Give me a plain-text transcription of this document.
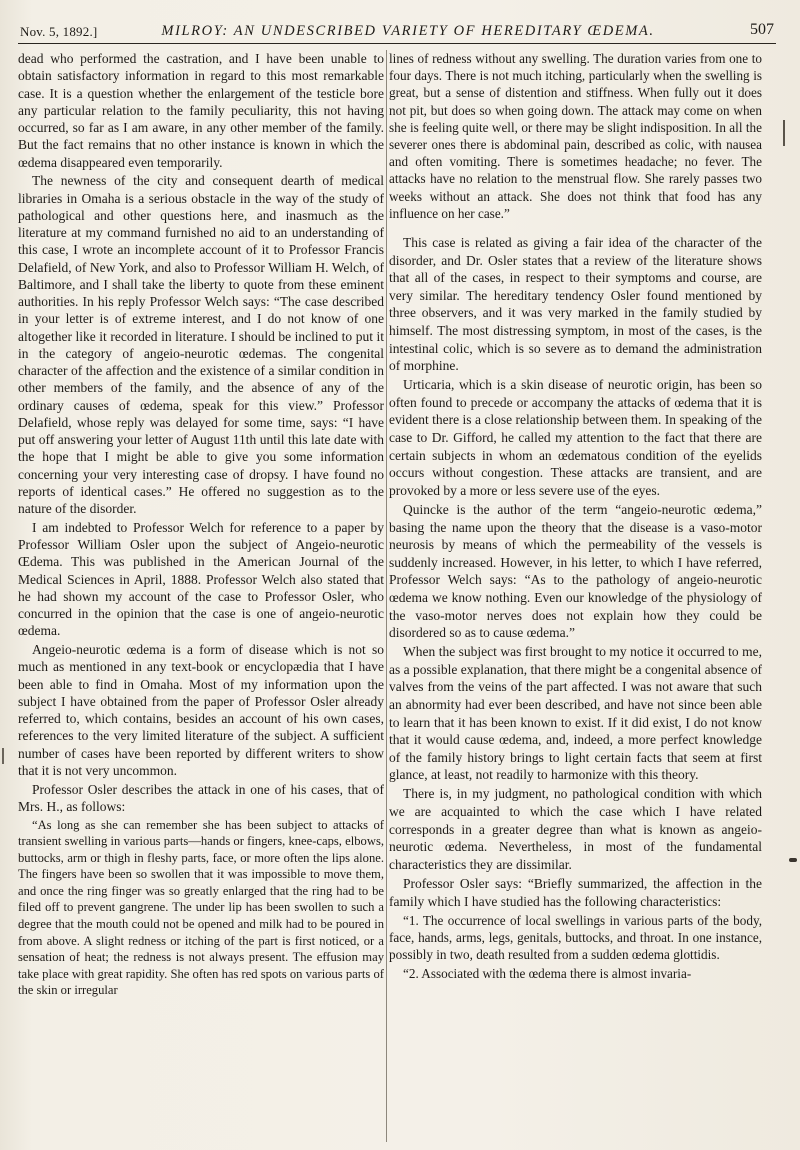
Nov. 5, 1892.]	MILROY: AN UNDESCRIBED VARIETY OF HEREDITARY ŒDEMA.	507

dead who performed the castration, and I have been unable to obtain satisfactory information in regard to this most remarkable case. It is a question whether the enlargement of the testicle bore any particular relation to the family peculiarity, this not having occurred, so far as I am aware, in any other member of the family. But the fact remains that no other instance is known in which the œdema disappeared even temporarily.

The newness of the city and consequent dearth of medical libraries in Omaha is a serious obstacle in the way of the study of pathological and other questions here, and inasmuch as the literature at my command furnished no aid to an understanding of this case, I wrote an incomplete account of it to Professor Francis Delafield, of New York, and also to Professor William H. Welch, of Baltimore, and I shall take the liberty to quote from these eminent authorities. In his reply Professor Welch says: “The case described in your letter is of extreme interest, and I do not know of one altogether like it recorded in literature. I should be inclined to put it in the category of angeio-neurotic œdemas. The congenital character of the affection and the existence of a similar condition in other members of the family, and the absence of any of the ordinary causes of œdema, speak for this view.” Professor Delafield, whose reply was delayed for some time, says: “I have put off answering your letter of August 11th until this late date with the hope that I might be able to give you some information concerning your very interesting case of dropsy. I have found no reports of identical cases.” He offered no suggestion as to the nature of the disorder.

I am indebted to Professor Welch for reference to a paper by Professor William Osler upon the subject of Angeio-neurotic Œdema. This was published in the American Journal of the Medical Sciences in April, 1888. Professor Welch also stated that he had shown my account of the case to Professor Osler, who concurred in the opinion that the case is one of angeio-neurotic œdema.

Angeio-neurotic œdema is a form of disease which is not so much as mentioned in any text-book or encyclopædia that I have been able to find in Omaha. Most of my information upon the subject I have obtained from the paper of Professor Osler already referred to, which contains, besides an account of his own cases, references to the very limited literature of the subject. A sufficient number of cases have been reported by different writers to show that it is not very uncommon.

Professor Osler describes the attack in one of his cases, that of Mrs. H., as follows:

“As long as she can remember she has been subject to attacks of transient swelling in various parts—hands or fingers, knee-caps, elbows, buttocks, arm or thigh in fleshy parts, face, or more often the lips alone. The fingers have been so swollen that it was impossible to move them, and once the ring finger was so greatly enlarged that the ring had to be filed off to prevent gangrene. The under lip has been swollen to such a degree that the mouth could not be opened and milk had to be poured in from above. A slight redness or itching of the part is first noticed, or a sensation of heat; the redness is not always present. The effusion may take place with great rapidity. She often has red spots on various parts of the skin or irregular

lines of redness without any swelling. The duration varies from one to four days. There is not much itching, particularly when the swelling is great, but a sense of distention and stiffness. When fully out it does not pit, but does so when going down. The attack may come on when she is feeling quite well, or there may be slight indisposition. In all the severer ones there is abdominal pain, described as colic, with nausea and often vomiting. There is sometimes headache; no fever. The attacks have no relation to the menstrual flow. She rarely passes two weeks without an attack. She does not think that food has any influence on her case.”

This case is related as giving a fair idea of the character of the disorder, and Dr. Osler states that a review of the literature shows that all of the cases, in respect to their symptoms and course, are very similar. The hereditary tendency Osler found mentioned by three observers, and it was very marked in the family studied by himself. The most distressing symptom, in most of the cases, is the intestinal colic, which is so severe as to demand the administration of morphine.

Urticaria, which is a skin disease of neurotic origin, has been so often found to precede or accompany the attacks of œdema that it is evident there is a close relationship between them. In speaking of the case to Dr. Gifford, he called my attention to the fact that there are certain subjects in whom an œdematous condition of the eyelids occurs without congestion. These attacks are transient, and are provoked by a more or less severe use of the eyes.

Quincke is the author of the term “angeio-neurotic œdema,” basing the name upon the theory that the disease is a vaso-motor neurosis by means of which the permeability of the vessels is suddenly increased. However, in his letter, to which I have referred, Professor Welch says: “As to the pathology of angeio-neurotic œdema we know nothing. Even our knowledge of the physiology of the vaso-motor nerves does not explain how they could be disordered so as to cause œdema.”

When the subject was first brought to my notice it occurred to me, as a possible explanation, that there might be a congenital absence of valves from the veins of the part affected. I was not aware that such an abnormity had ever been described, and have not since been able to learn that it has been known to exist. If it did exist, I do not know that it would cause œdema, and, indeed, a more perfect knowledge of the family history brings to light certain facts that seem at first glance, at least, not readily to harmonize with this theory.

There is, in my judgment, no pathological condition with which we are acquainted to which the case which I have related corresponds in a greater degree than what is known as angeio-neurotic œdema. Nevertheless, in most of the fundamental characteristics they are dissimilar.

Professor Osler says: “Briefly summarized, the affection in the family which I have studied has the following characteristics:

“1. The occurrence of local swellings in various parts of the body, face, hands, arms, legs, genitals, buttocks, and throat. In one instance, possibly in two, death resulted from a sudden œdema glottidis.

“2. Associated with the œdema there is almost invaria-
